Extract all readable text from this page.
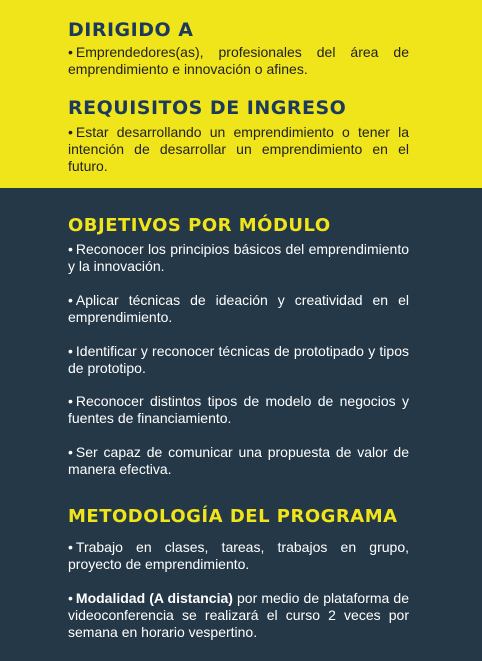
DIRIGIDO A

• Emprendedores(as), profesionales del área de emprendimiento e innovación o afines.

REQUISITOS DE INGRESO

• Estar desarrollando un emprendimiento o tener la intención de desarrollar un emprendimiento en el futuro.

OBJETIVOS POR MÓDULO

• Reconocer los principios básicos del emprendimiento y la innovación.

• Aplicar técnicas de ideación y creatividad en el emprendimiento.

• Identificar y reconocer técnicas de prototipado y tipos de prototipo.

• Reconocer distintos tipos de modelo de negocios y fuentes de financiamiento.

• Ser capaz de comunicar una propuesta de valor de manera efectiva.

METODOLOGÍA DEL PROGRAMA

• Trabajo en clases, tareas, trabajos en grupo, proyecto de emprendimiento.

• Modalidad (A distancia) por medio de plataforma de videoconferencia se realizará el curso 2 veces por semana en horario vespertino.
